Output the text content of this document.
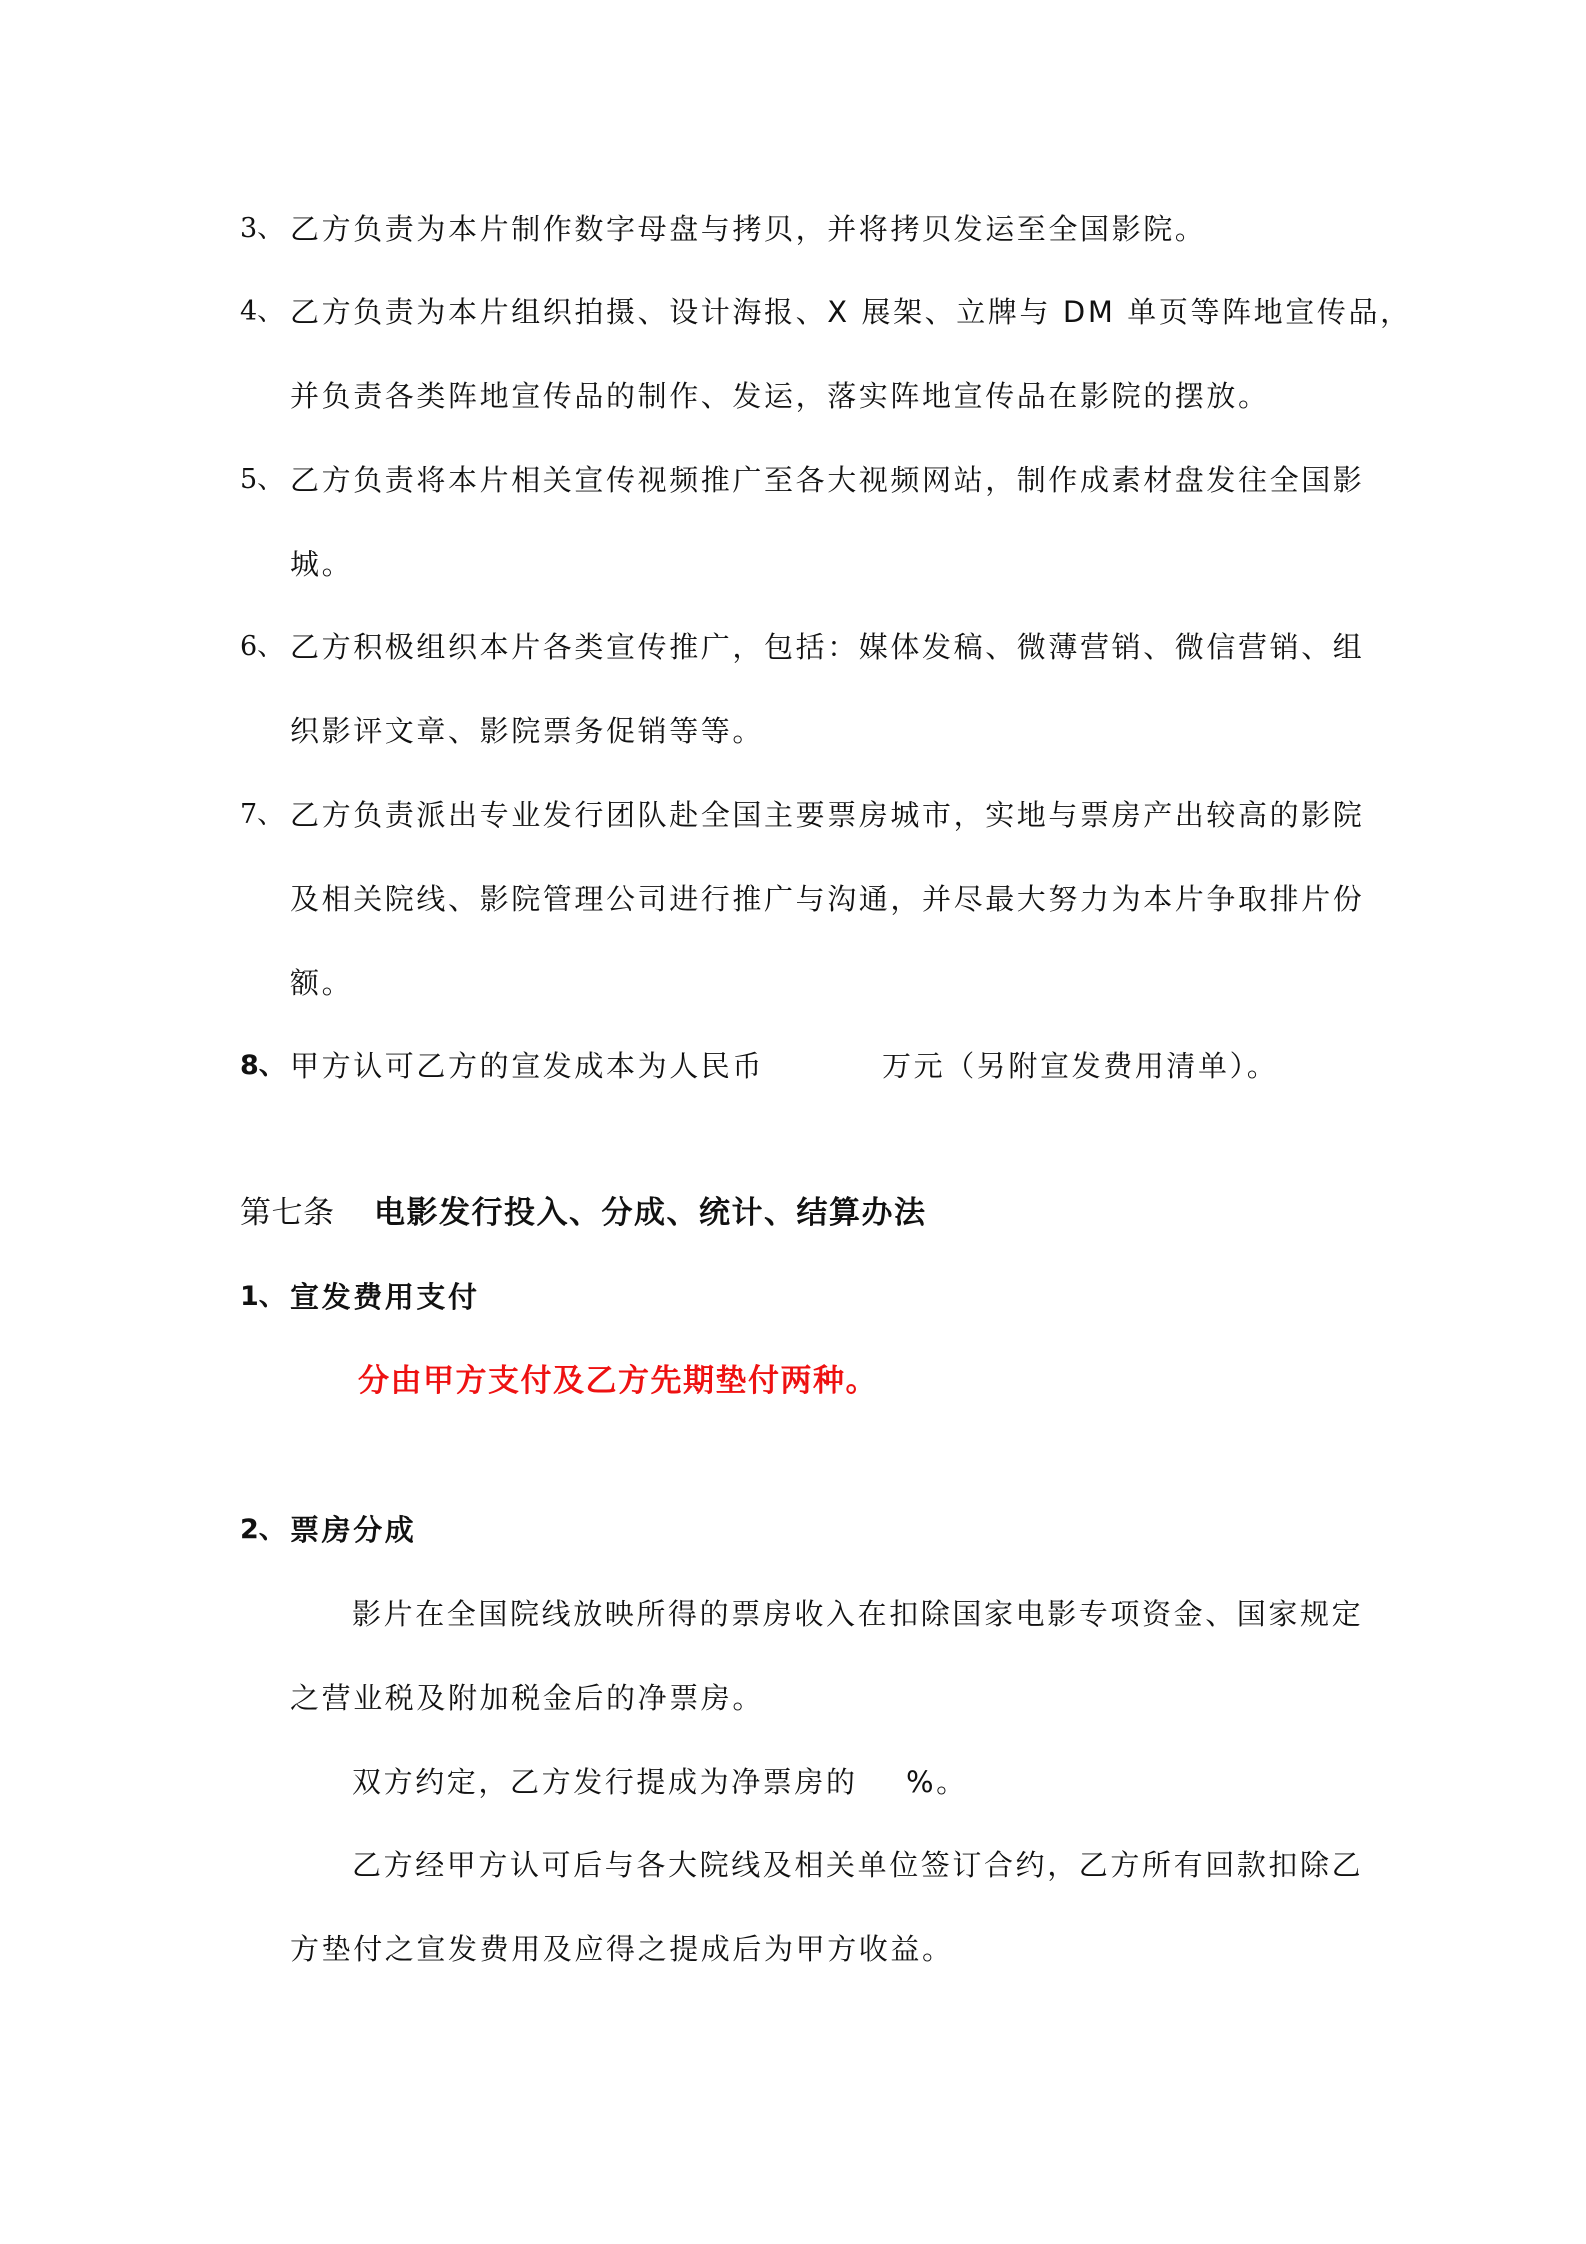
3、 乙方负责为本片制作数字母盘与拷贝，并将拷贝发运至全国影院。
4、 乙方负责为本片组织拍摄、设计海报、X 展架、立牌与 DM 单页等阵地宣传品，
并负责各类阵地宣传品的制作、发运，落实阵地宣传品在影院的摆放。
5、 乙方负责将本片相关宣传视频推广至各大视频网站，制作成素材盘发往全国影
城。
6、 乙方积极组织本片各类宣传推广，包括：媒体发稿、微薄营销、微信营销、组
织影评文章、影院票务促销等等。
7、 乙方负责派出专业发行团队赴全国主要票房城市，实地与票房产出较高的影院
及相关院线、影院管理公司进行推广与沟通，并尽最大努力为本片争取排片份
额。
8、 甲方认可乙方的宣发成本为人民币	万元（另附宣发费用清单）。
第七条 电影发行投入、分成、统计、结算办法
1、 宣发费用支付
分由甲方支付及乙方先期垫付两种。
2、 票房分成
影片在全国院线放映所得的票房收入在扣除国家电影专项资金、国家规定
之营业税及附加税金后的净票房。
双方约定，乙方发行提成为净票房的 %。
乙方经甲方认可后与各大院线及相关单位签订合约，乙方所有回款扣除乙
方垫付之宣发费用及应得之提成后为甲方收益。
